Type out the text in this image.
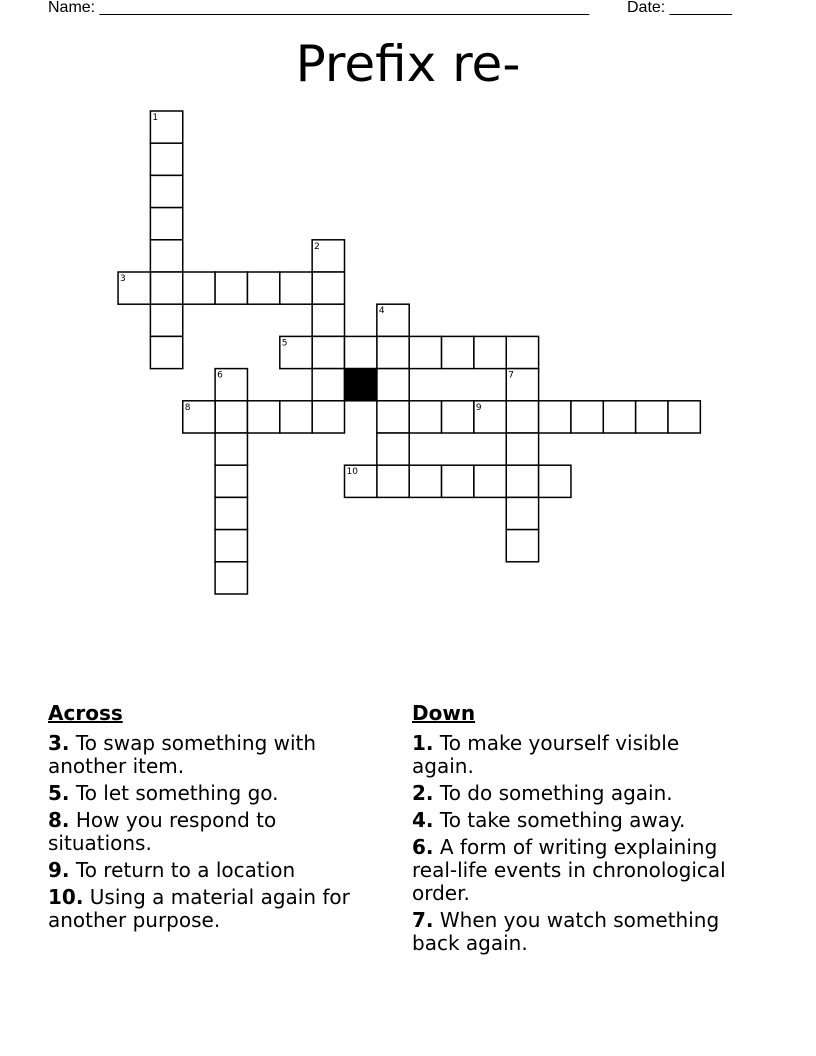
Name: _______________________________________________________ Date: _______
Prefix re-
1
2
3
4
5
6	7
8	9
10
Across
3. To swap something with another item.
5. To let something go.
8. How you respond to situations.
9. To return to a location
10. Using a material again for another purpose.
Down
1. To make yourself visible again.
2. To do something again.
4. To take something away.
6. A form of writing explaining real-life events in chronological order.
7. When you watch something back again.
